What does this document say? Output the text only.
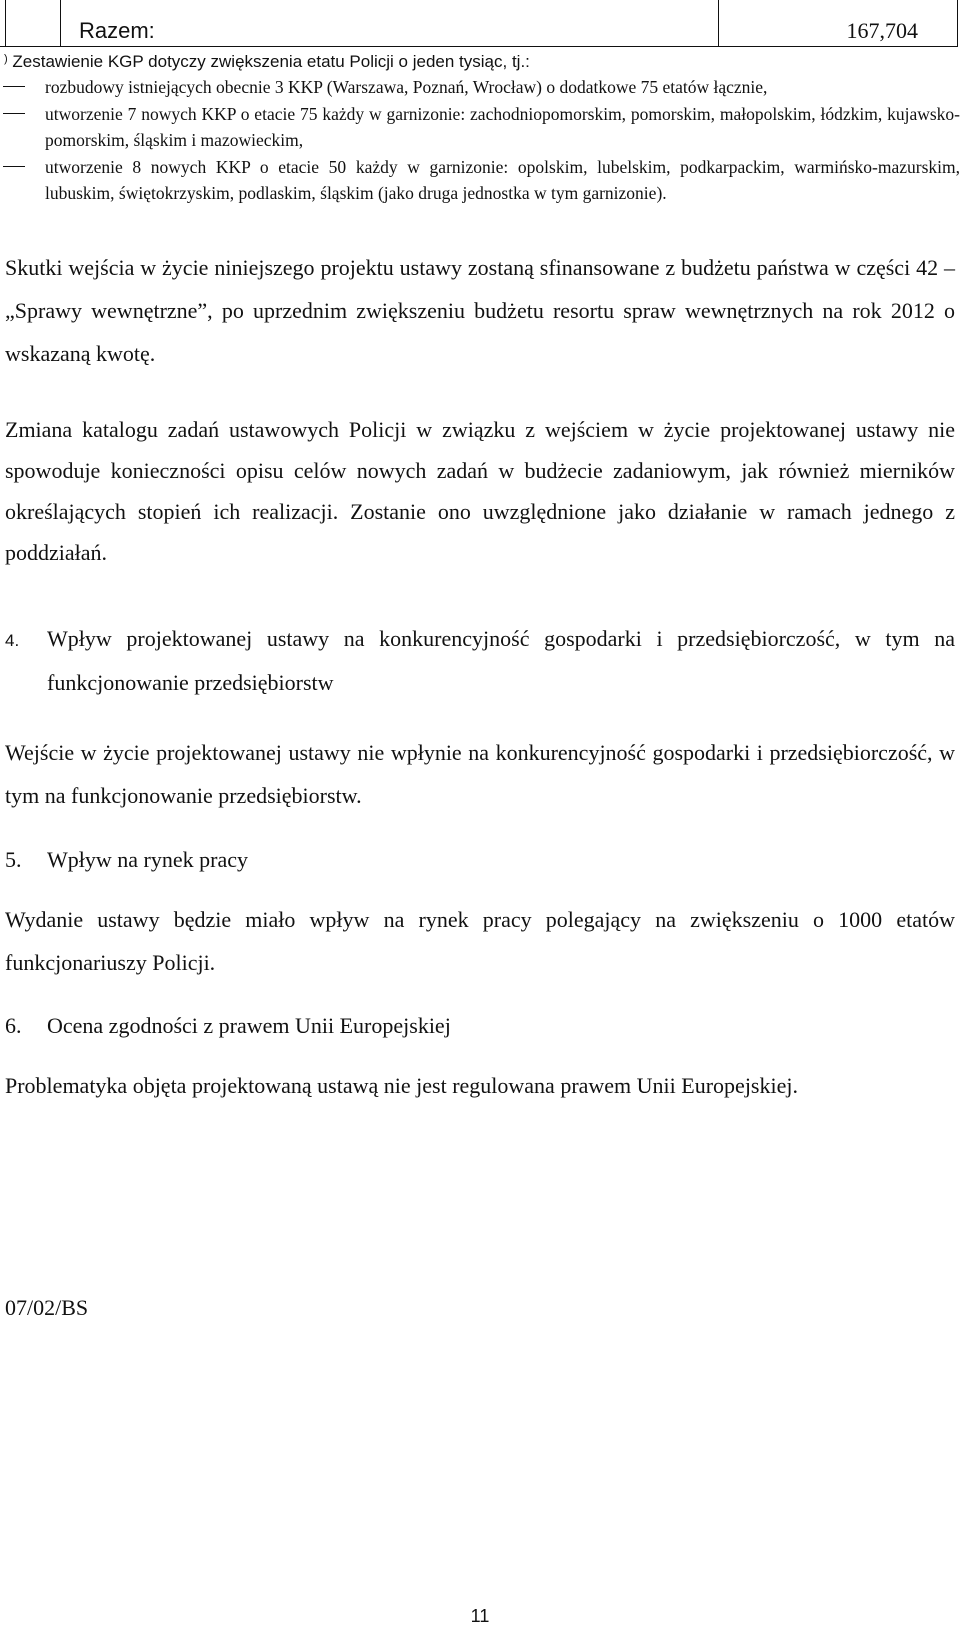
Razem:	167,704
) Zestawienie KGP dotyczy zwiększenia etatu Policji o jeden tysiąc, tj.:
rozbudowy istniejących obecnie 3 KKP (Warszawa, Poznań, Wrocław) o dodatkowe 75 etatów łącznie,
utworzenie 7 nowych KKP o etacie 75 każdy w garnizonie: zachodniopomorskim, pomorskim, małopolskim, łódzkim, kujawsko-pomorskim, śląskim i mazowieckim,
utworzenie 8 nowych KKP o etacie 50 każdy w garnizonie: opolskim, lubelskim, podkarpackim, warmińsko-mazurskim, lubuskim, świętokrzyskim, podlaskim, śląskim (jako druga jednostka w tym garnizonie).
Skutki wejścia w życie niniejszego projektu ustawy zostaną sfinansowane z budżetu państwa w części 42 ‒ „Sprawy wewnętrzne”, po uprzednim zwiększeniu budżetu resortu spraw wewnętrznych na rok 2012 o wskazaną kwotę.
Zmiana katalogu zadań ustawowych Policji w związku z wejściem w życie projektowanej ustawy nie spowoduje konieczności opisu celów nowych zadań w budżecie zadaniowym, jak również mierników określających stopień ich realizacji. Zostanie ono uwzględnione jako działanie w ramach jednego z poddziałań.
4. Wpływ projektowanej ustawy na konkurencyjność gospodarki i przedsiębiorczość, w tym na funkcjonowanie przedsiębiorstw
Wejście w życie projektowanej ustawy nie wpłynie na konkurencyjność gospodarki i przedsiębiorczość, w tym na funkcjonowanie przedsiębiorstw.
5. Wpływ na rynek pracy
Wydanie ustawy będzie miało wpływ na rynek pracy polegający na zwiększeniu o 1000 etatów funkcjonariuszy Policji.
6. Ocena zgodności z prawem Unii Europejskiej
Problematyka objęta projektowaną ustawą nie jest regulowana prawem Unii Europejskiej.
07/02/BS
11
